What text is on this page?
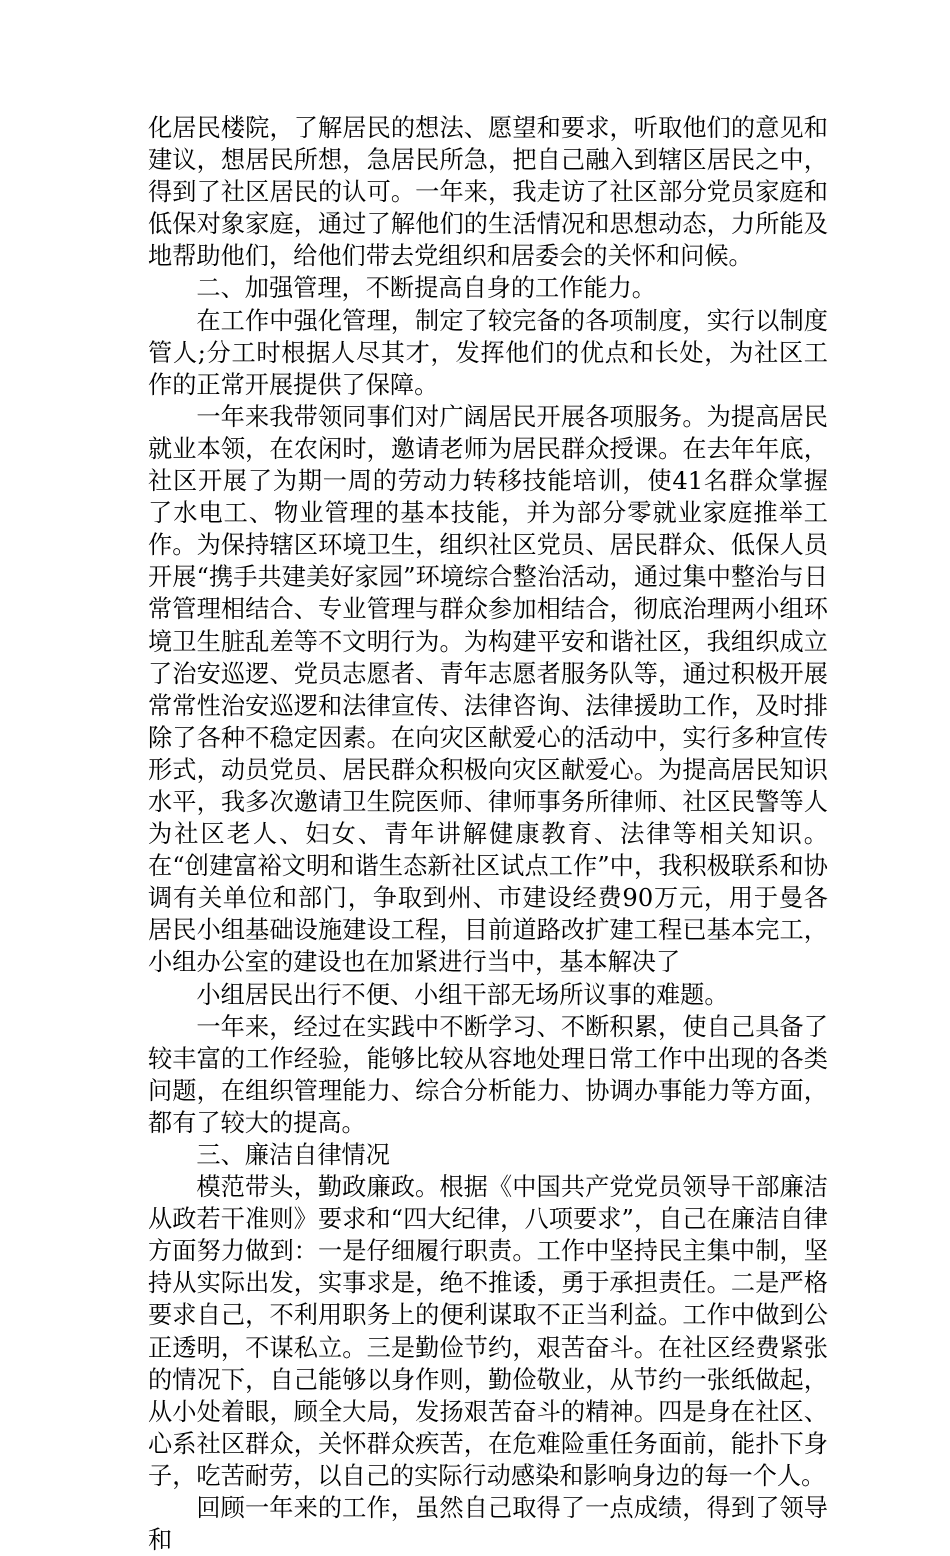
化居民楼院，了解居民的想法、愿望和要求，听取他们的意见和建议，想居民所想，急居民所急，把自己融入到辖区居民之中，得到了社区居民的认可。一年来，我走访了社区部分党员家庭和低保对象家庭，通过了解他们的生活情况和思想动态，力所能及地帮助他们，给他们带去党组织和居委会的关怀和问候。

二、加强管理，不断提高自身的工作能力。

在工作中强化管理，制定了较完备的各项制度，实行以制度管人;分工时根据人尽其才，发挥他们的优点和长处，为社区工作的正常开展提供了保障。

一年来我带领同事们对广阔居民开展各项服务。为提高居民就业本领，在农闲时，邀请老师为居民群众授课。在去年年底，社区开展了为期一周的劳动力转移技能培训，使41名群众掌握了水电工、物业管理的基本技能，并为部分零就业家庭推举工作。为保持辖区环境卫生，组织社区党员、居民群众、低保人员开展“携手共建美好家园”环境综合整治活动，通过集中整治与日常管理相结合、专业管理与群众参加相结合，彻底治理两小组环境卫生脏乱差等不文明行为。为构建平安和谐社区，我组织成立了治安巡逻、党员志愿者、青年志愿者服务队等，通过积极开展常常性治安巡逻和法律宣传、法律咨询、法律援助工作，及时排除了各种不稳定因素。在向灾区献爱心的活动中，实行多种宣传形式，动员党员、居民群众积极向灾区献爱心。为提高居民知识水平，我多次邀请卫生院医师、律师事务所律师、社区民警等人为社区老人、妇女、青年讲解健康教育、法律等相关知识。在“创建富裕文明和谐生态新社区试点工作”中，我积极联系和协调有关单位和部门，争取到州、市建设经费90万元，用于曼各居民小组基础设施建设工程，目前道路改扩建工程已基本完工，小组办公室的建设也在加紧进行当中，基本解决了

小组居民出行不便、小组干部无场所议事的难题。

一年来，经过在实践中不断学习、不断积累，使自己具备了较丰富的工作经验，能够比较从容地处理日常工作中出现的各类问题，在组织管理能力、综合分析能力、协调办事能力等方面，都有了较大的提高。

三、廉洁自律情况

模范带头，勤政廉政。根据《中国共产党党员领导干部廉洁从政若干准则》要求和“四大纪律，八项要求”，自己在廉洁自律方面努力做到：一是仔细履行职责。工作中坚持民主集中制，坚持从实际出发，实事求是，绝不推诿，勇于承担责任。二是严格要求自己，不利用职务上的便利谋取不正当利益。工作中做到公正透明，不谋私立。三是勤俭节约，艰苦奋斗。在社区经费紧张的情况下，自己能够以身作则，勤俭敬业，从节约一张纸做起，从小处着眼，顾全大局，发扬艰苦奋斗的精神。四是身在社区、心系社区群众，关怀群众疾苦，在危难险重任务面前，能扑下身子，吃苦耐劳，以自己的实际行动感染和影响身边的每一个人。

回顾一年来的工作，虽然自己取得了一点成绩，得到了领导和
